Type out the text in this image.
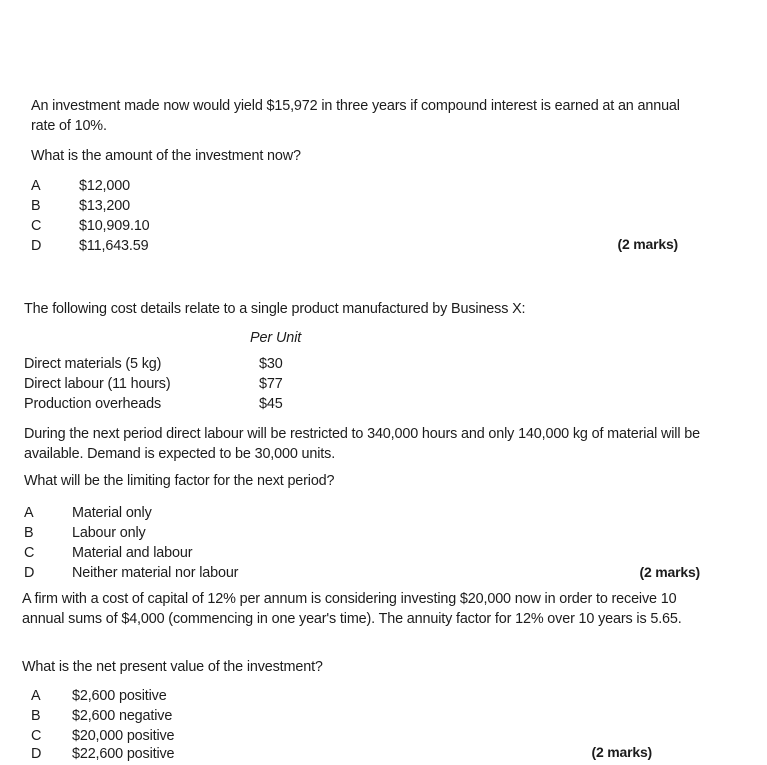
An investment made now would yield $15,972 in three years if compound interest is earned at an annual rate of 10%.
What is the amount of the investment now?
A	$12,000
B	$13,200
C	$10,909.10
D	$11,643.59	(2 marks)
The following cost details relate to a single product manufactured by Business X:
Per Unit
Direct materials (5 kg)	$30
Direct labour (11 hours)	$77
Production overheads	$45
During the next period direct labour will be restricted to 340,000 hours and only 140,000 kg of material will be available. Demand is expected to be 30,000 units.
What will be the limiting factor for the next period?
A	Material only
B	Labour only
C	Material and labour
D	Neither material nor labour	(2 marks)
A firm with a cost of capital of 12% per annum is considering investing $20,000 now in order to receive 10 annual sums of $4,000 (commencing in one year's time). The annuity factor for 12% over 10 years is 5.65.
What is the net present value of the investment?
A $2,600 positive
B $2,600 negative
C $20,000 positive
D $22,600 positive	(2 marks)
